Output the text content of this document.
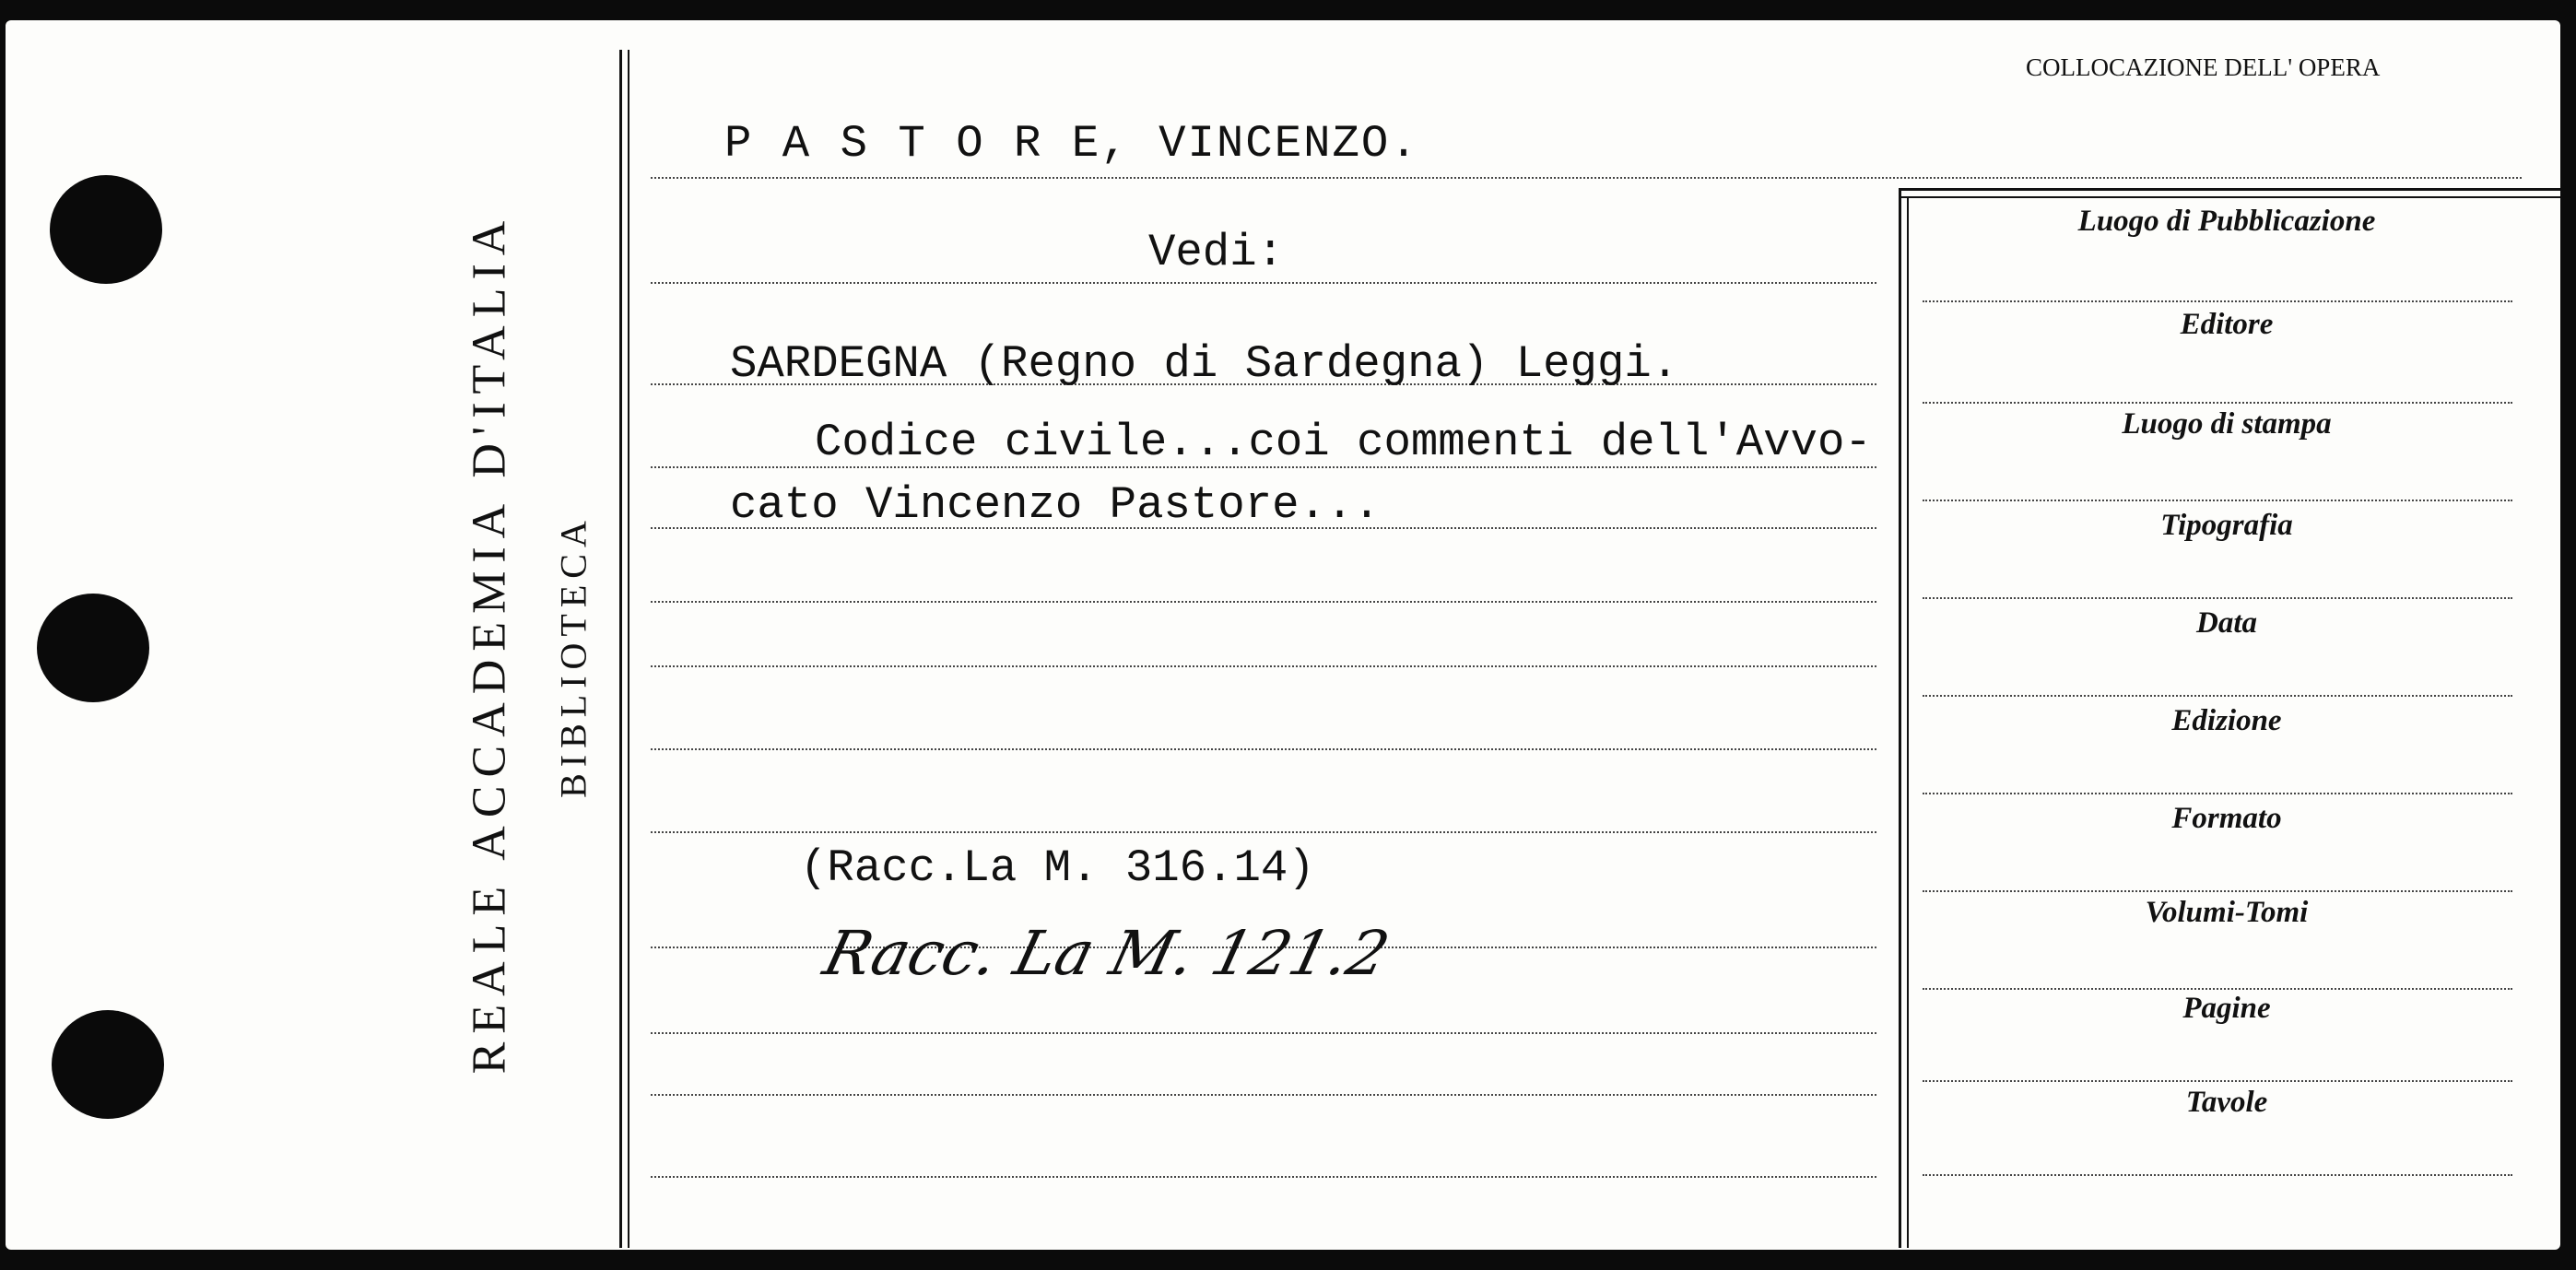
REALE ACCADEMIA D'ITALIA BIBLIOTECA
COLLOCAZIONE DELL' OPERA
P A S T O R E, VINCENZO.
Vedi:
SARDEGNA (Regno di Sardegna) Leggi.
Codice civile...coi commenti dell'Avvo-
cato Vincenzo Pastore...
(Racc.La M. 316.14)
Racc. La M. 121.2
Luogo di Pubblicazione
Editore
Luogo di stampa
Tipografia
Data
Edizione
Formato
Volumi-Tomi
Pagine
Tavole
